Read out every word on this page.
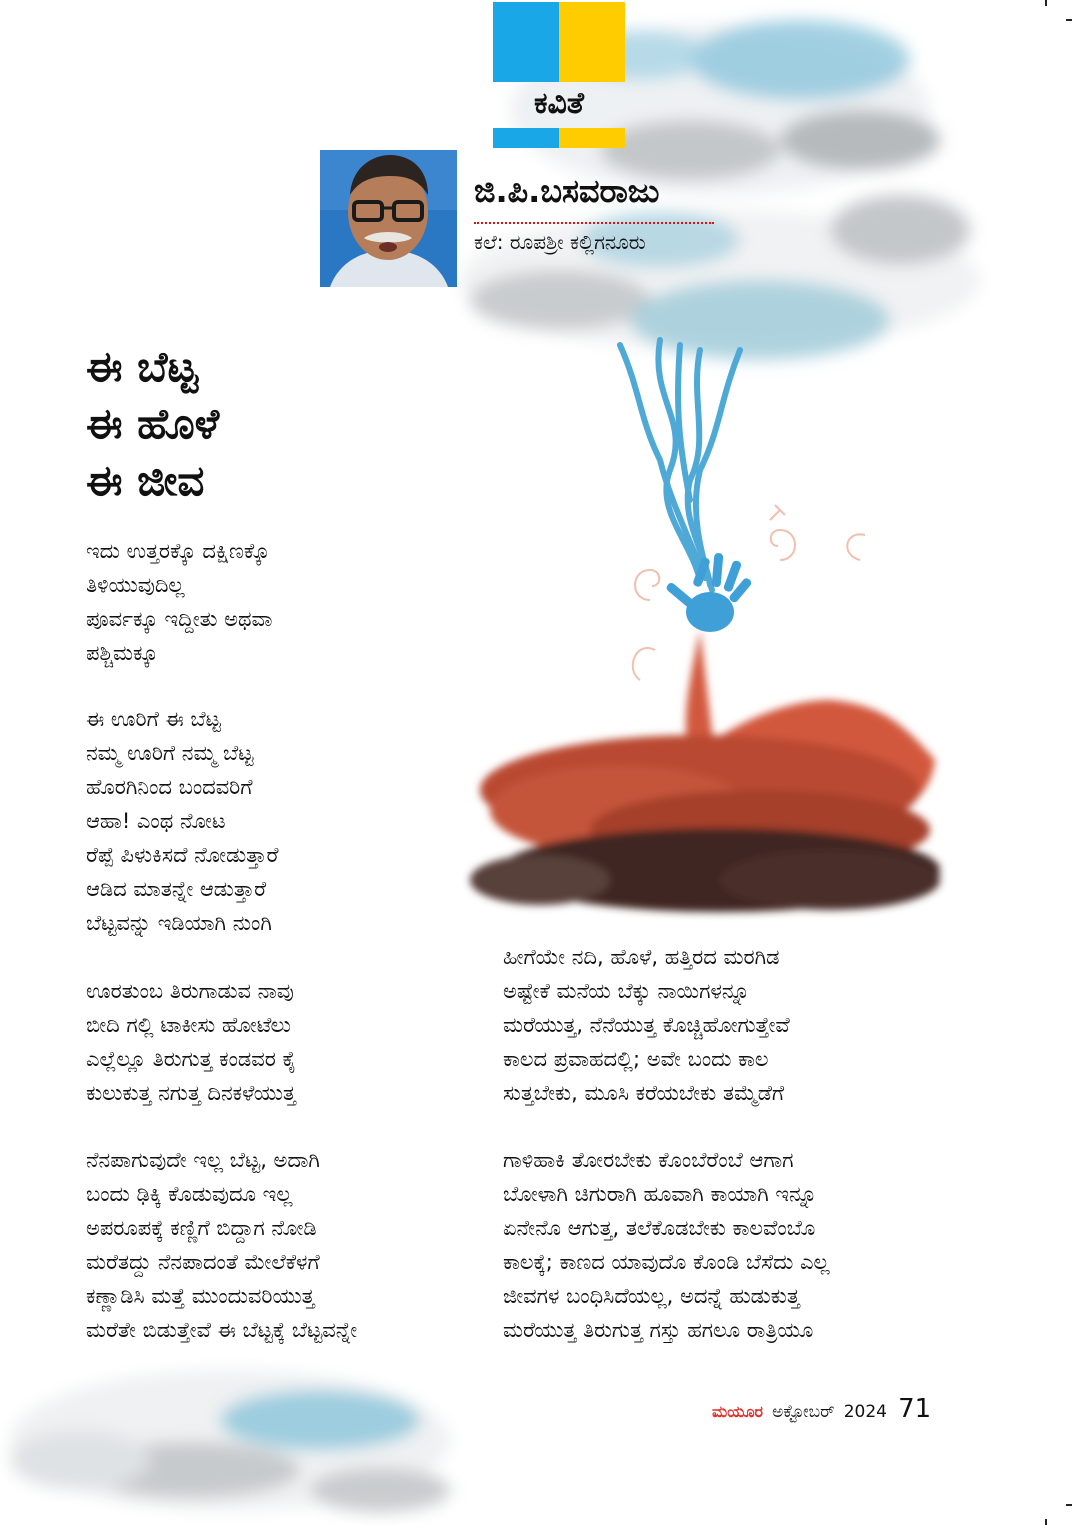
ಕವಿತೆ
ಜಿ.ಪಿ.ಬಸವರಾಜು
ಕಲೆ: ರೂಪಶ್ರೀ ಕಲ್ಲಿಗನೂರು
ಈ ಬೆಟ್ಟ
ಈ ಹೊಳೆ
ಈ ಜೀವ
ಇದು ಉತ್ತರಕ್ಕೊ ದಕ್ಷಿಣಕ್ಕೊ
ತಿಳಿಯುವುದಿಲ್ಲ
ಪೂರ್ವಕ್ಕೂ ಇದ್ದೀತು ಅಥವಾ
ಪಶ್ಚಿಮಕ್ಕೂ
ಈ ಊರಿಗೆ ಈ ಬೆಟ್ಟ
ನಮ್ಮ ಊರಿಗೆ ನಮ್ಮ ಬೆಟ್ಟ
ಹೊರಗಿನಿಂದ ಬಂದವರಿಗೆ
ಆಹಾ! ಎಂಥ ನೋಟ
ರೆಪ್ಪೆ ಪಿಳುಕಿಸದೆ ನೋಡುತ್ತಾರೆ
ಆಡಿದ ಮಾತನ್ನೇ ಆಡುತ್ತಾರೆ
ಬೆಟ್ಟವನ್ನು ಇಡಿಯಾಗಿ ನುಂಗಿ
ಊರತುಂಬ ತಿರುಗಾಡುವ ನಾವು
ಬೀದಿ ಗಲ್ಲಿ ಟಾಕೀಸು ಹೋಟೆಲು
ಎಲ್ಲೆಲ್ಲೂ ತಿರುಗುತ್ತ ಕಂಡವರ ಕೈ
ಕುಲುಕುತ್ತ ನಗುತ್ತ ದಿನಕಳೆಯುತ್ತ
ನೆನಪಾಗುವುದೇ ಇಲ್ಲ ಬೆಟ್ಟ, ಅದಾಗಿ
ಬಂದು ಢಿಕ್ಕಿ ಕೊಡುವುದೂ ಇಲ್ಲ
ಅಪರೂಪಕ್ಕೆ ಕಣ್ಣಿಗೆ ಬಿದ್ದಾಗ ನೋಡಿ
ಮರೆತದ್ದು ನೆನಪಾದಂತೆ ಮೇಲೆಕೆಳಗೆ
ಕಣ್ಣಾಡಿಸಿ ಮತ್ತೆ ಮುಂದುವರಿಯುತ್ತ
ಮರೆತೇ ಬಿಡುತ್ತೇವೆ ಈ ಬೆಟ್ಟಕ್ಕೆ ಬೆಟ್ಟವನ್ನೇ
ಹೀಗೆಯೇ ನದಿ, ಹೊಳೆ, ಹತ್ತಿರದ ಮರಗಿಡ
ಅಷ್ಟೇಕೆ ಮನೆಯ ಬೆಕ್ಕು ನಾಯಿಗಳನ್ನೂ
ಮರೆಯುತ್ತ, ನೆನೆಯುತ್ತ ಕೊಚ್ಚಿಹೋಗುತ್ತೇವೆ
ಕಾಲದ ಪ್ರವಾಹದಲ್ಲಿ; ಅವೇ ಬಂದು ಕಾಲ
ಸುತ್ತಬೇಕು, ಮೂಸಿ ಕರೆಯಬೇಕು ತಮ್ಮೆಡೆಗೆ
ಗಾಳಿಹಾಕಿ ತೋರಬೇಕು ಕೊಂಬೆರೆಂಬೆ ಆಗಾಗ
ಬೋಳಾಗಿ ಚಿಗುರಾಗಿ ಹೂವಾಗಿ ಕಾಯಾಗಿ ಇನ್ನೂ
ಏನೇನೊ ಆಗುತ್ತ, ತಲೆಕೊಡಬೇಕು ಕಾಲವೆಂಬೊ
ಕಾಲಕ್ಕೆ; ಕಾಣದ ಯಾವುದೊ ಕೊಂಡಿ ಬೆಸೆದು ಎಲ್ಲ
ಜೀವಗಳ ಬಂಧಿಸಿದೆಯಲ್ಲ, ಅದನ್ನೆ ಹುಡುಕುತ್ತ
ಮರೆಯುತ್ತ ತಿರುಗುತ್ತ ಗಸ್ತು ಹಗಲೂ ರಾತ್ರಿಯೂ
ಮಯೂರ ಅಕ್ಟೋಬರ್ 2024 71
